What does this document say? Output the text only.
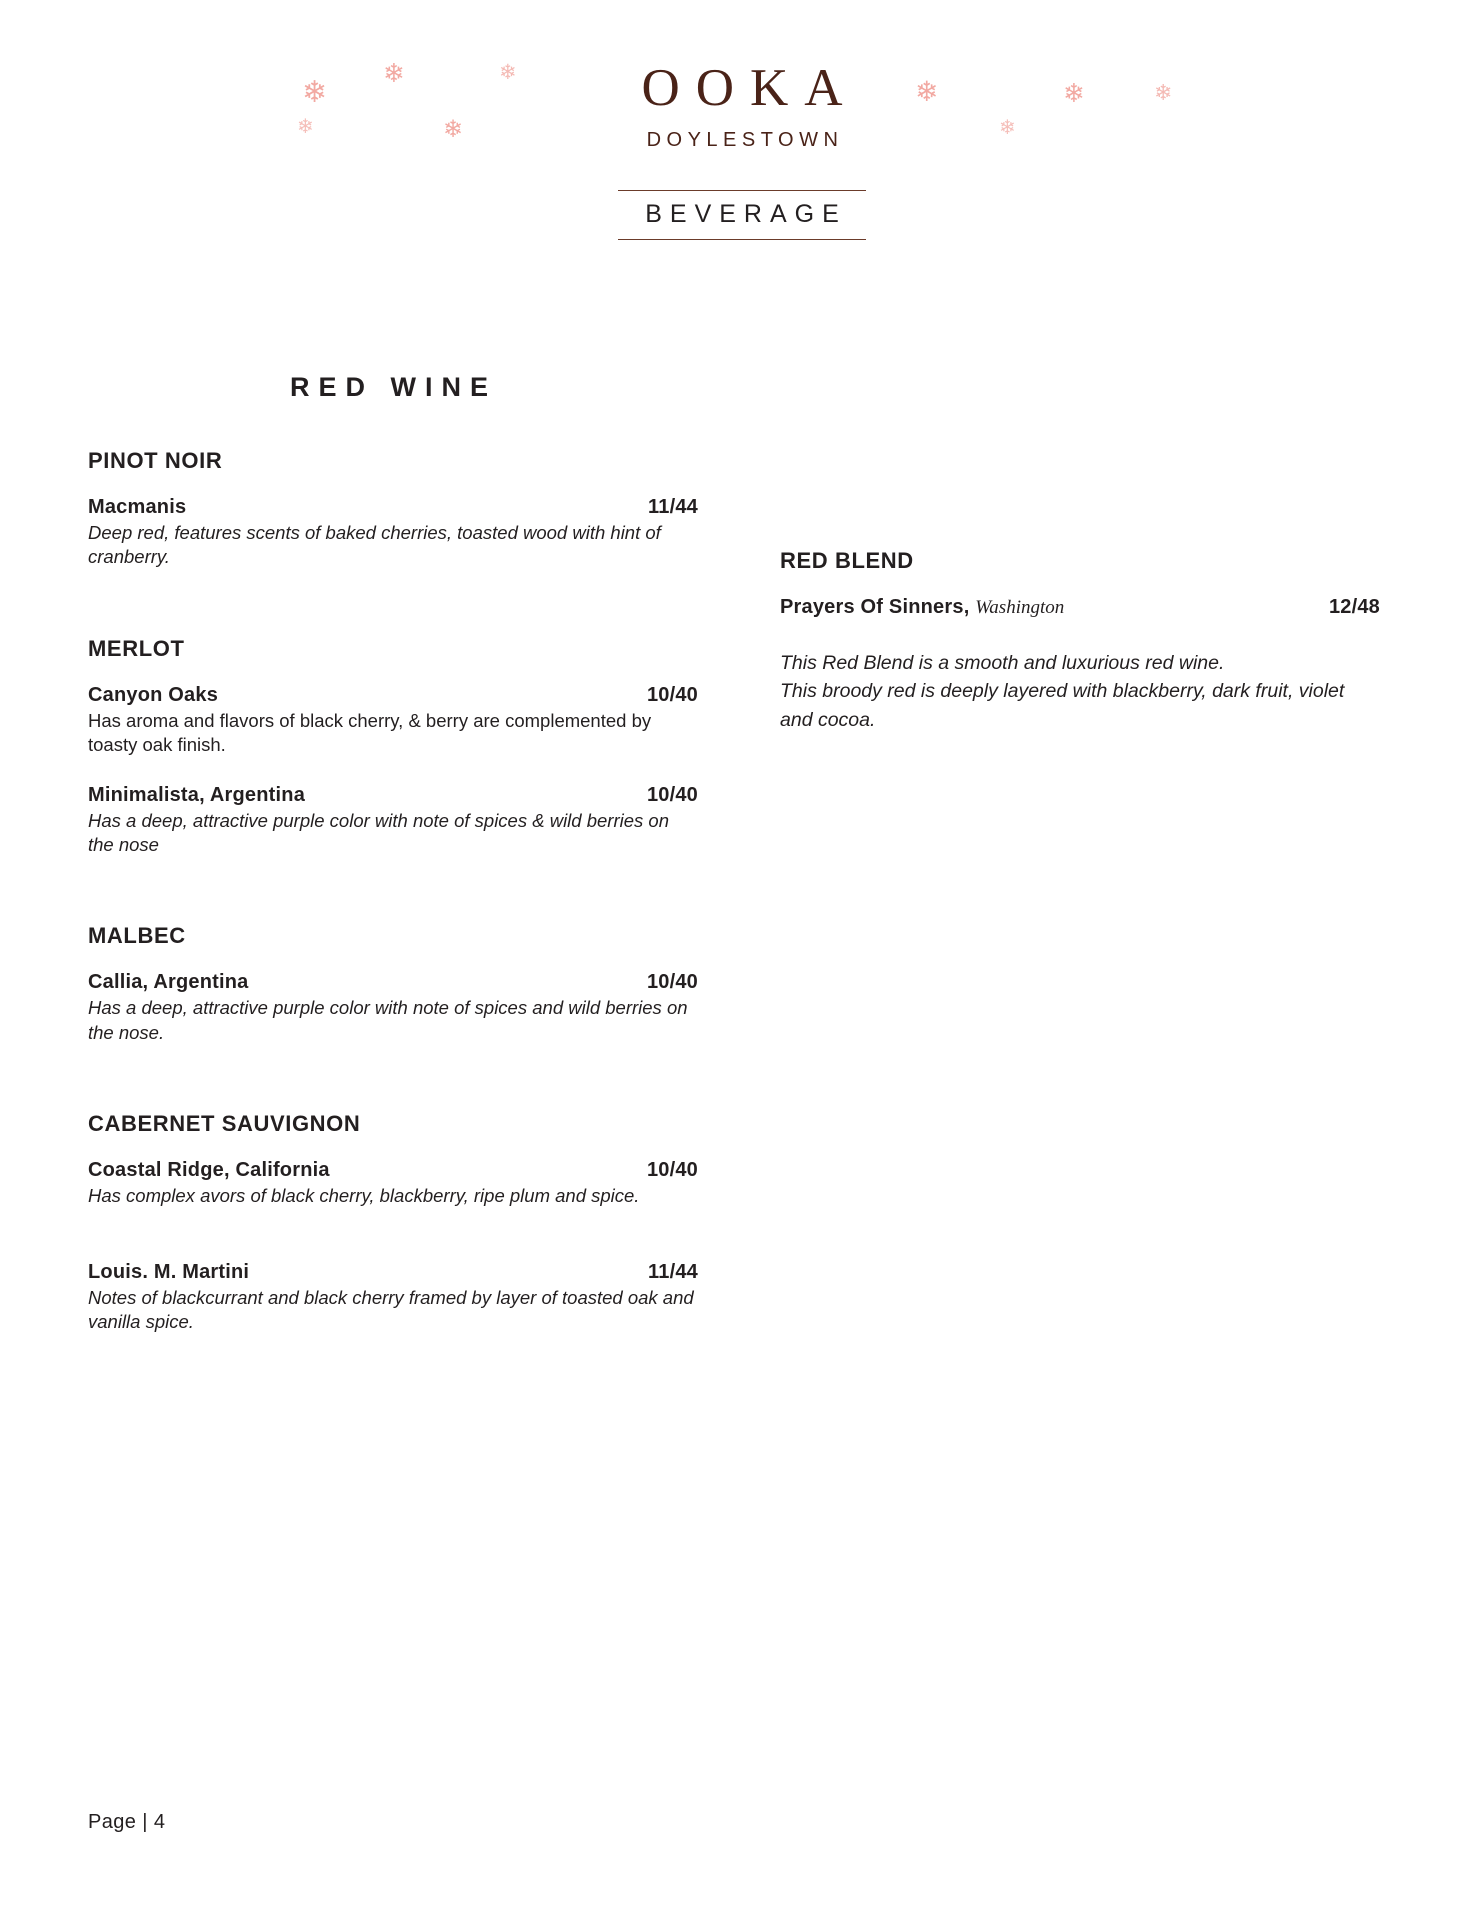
❄
❄	❄
❄
❄
❄	❄	❄
❄
OOKA
DOYLESTOWN
BEVERAGE
RED WINE
PINOT NOIR
Macmanis	11/44
Deep red, features scents of baked cherries, toasted wood with hint of cranberry.
MERLOT
Canyon Oaks	10/40
Has aroma and flavors of black cherry, & berry are complemented by toasty oak finish.
Minimalista, Argentina	10/40
Has a deep, attractive purple color with note of spices & wild berries on the nose
MALBEC
Callia, Argentina	10/40
Has a deep, attractive purple color with note of spices and wild berries on the nose.
CABERNET SAUVIGNON
Coastal Ridge, California	10/40
Has complex avors of black cherry, blackberry, ripe plum and spice.
Louis. M. Martini	11/44
Notes of blackcurrant and black cherry framed by layer of toasted oak and vanilla spice.
RED BLEND
Prayers Of Sinners, Washington	12/48
This Red Blend is a smooth and luxurious red wine.
This broody red is deeply layered with blackberry, dark fruit, violet and cocoa.
Page | 4
